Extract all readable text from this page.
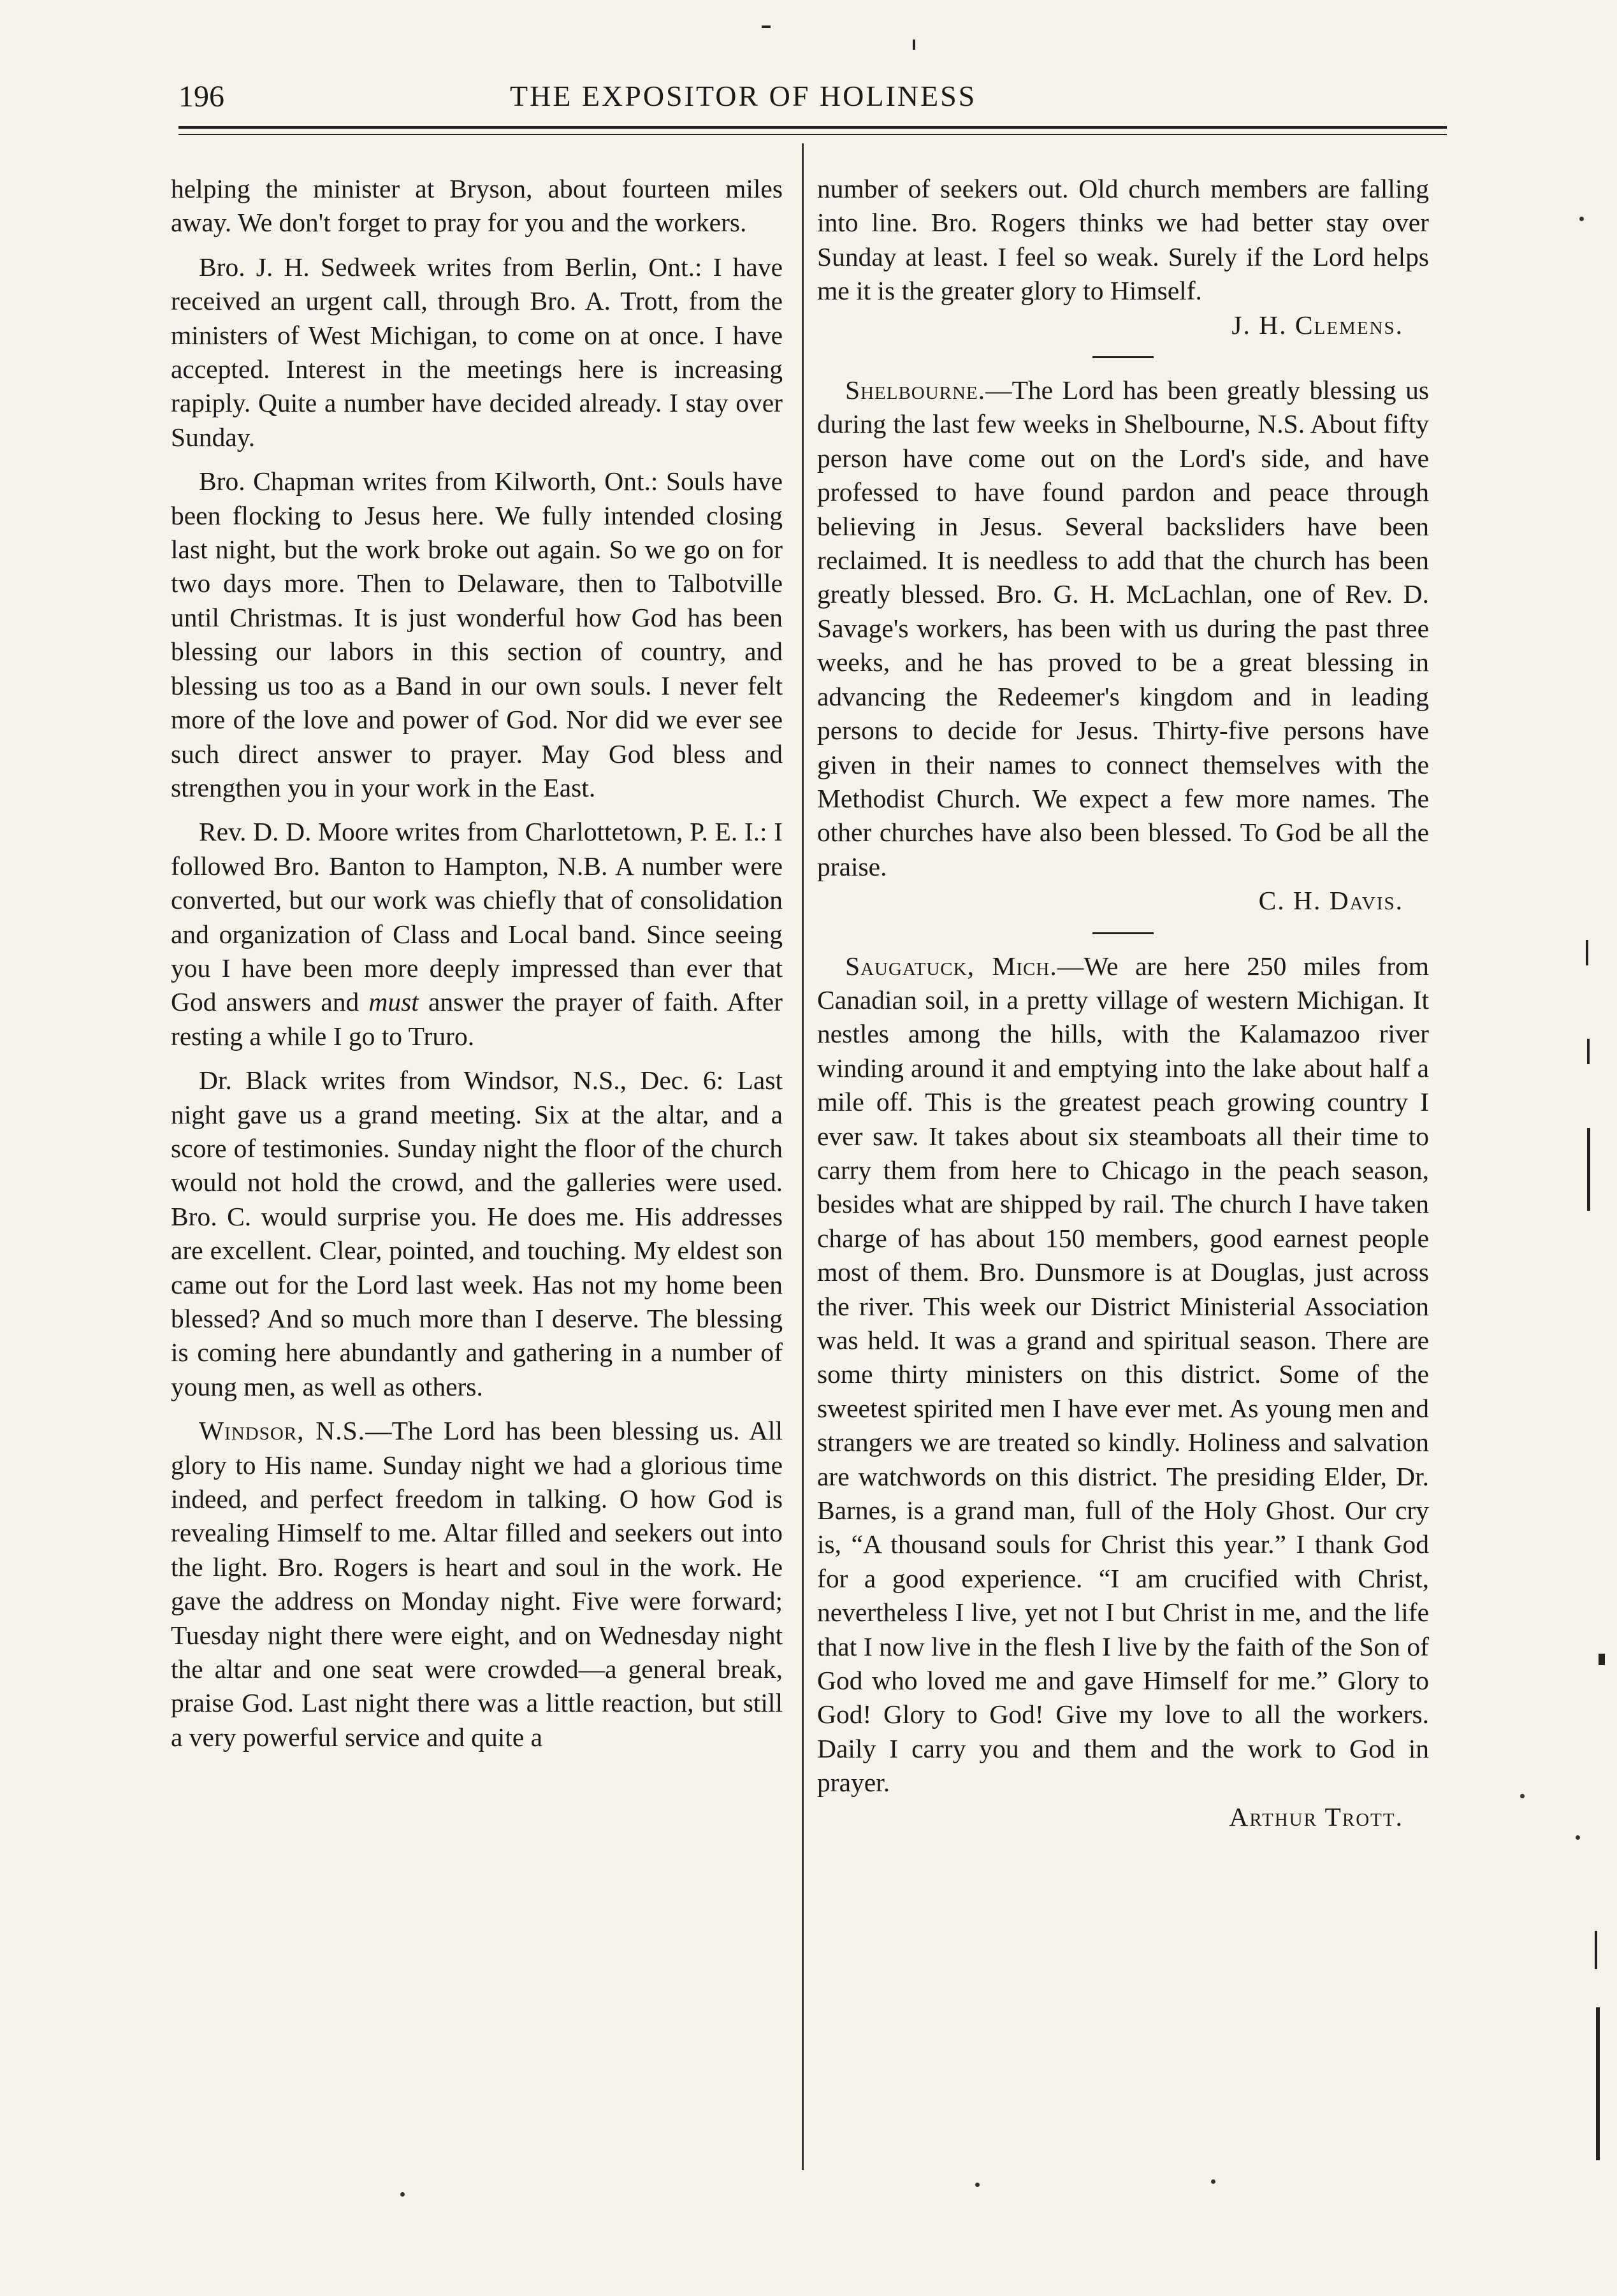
196	THE EXPOSITOR OF HOLINESS

helping the minister at Bryson, about fourteen miles away. We don't forget to pray for you and the workers.

Bro. J. H. Sedweek writes from Berlin, Ont.: I have received an urgent call, through Bro. A. Trott, from the ministers of West Michigan, to come on at once. I have accepted. Interest in the meetings here is increasing rapiply. Quite a number have decided already. I stay over Sunday.

Bro. Chapman writes from Kilworth, Ont.: Souls have been flocking to Jesus here. We fully intended closing last night, but the work broke out again. So we go on for two days more. Then to Delaware, then to Talbotville until Christmas. It is just wonderful how God has been blessing our labors in this section of country, and blessing us too as a Band in our own souls. I never felt more of the love and power of God. Nor did we ever see such direct answer to prayer. May God bless and strengthen you in your work in the East.

Rev. D. D. Moore writes from Charlottetown, P. E. I.: I followed Bro. Banton to Hampton, N.B. A number were converted, but our work was chiefly that of consolidation and organization of Class and Local band. Since seeing you I have been more deeply impressed than ever that God answers and must answer the prayer of faith. After resting a while I go to Truro.

Dr. Black writes from Windsor, N.S., Dec. 6: Last night gave us a grand meeting. Six at the altar, and a score of testimonies. Sunday night the floor of the church would not hold the crowd, and the galleries were used. Bro. C. would surprise you. He does me. His addresses are excellent. Clear, pointed, and touching. My eldest son came out for the Lord last week. Has not my home been blessed? And so much more than I deserve. The blessing is coming here abundantly and gathering in a number of young men, as well as others.

Windsor, N.S.—The Lord has been blessing us. All glory to His name. Sunday night we had a glorious time indeed, and perfect freedom in talking. O how God is revealing Himself to me. Altar filled and seekers out into the light. Bro. Rogers is heart and soul in the work. He gave the address on Monday night. Five were forward; Tuesday night there were eight, and on Wednesday night the altar and one seat were crowded—a general break, praise God. Last night there was a little reaction, but still a very powerful service and quite a

number of seekers out. Old church members are falling into line. Bro. Rogers thinks we had better stay over Sunday at least. I feel so weak. Surely if the Lord helps me it is the greater glory to Himself.

J. H. Clemens.

Shelbourne.—The Lord has been greatly blessing us during the last few weeks in Shelbourne, N.S. About fifty person have come out on the Lord's side, and have professed to have found pardon and peace through believing in Jesus. Several backsliders have been reclaimed. It is needless to add that the church has been greatly blessed. Bro. G. H. McLachlan, one of Rev. D. Savage's workers, has been with us during the past three weeks, and he has proved to be a great blessing in advancing the Redeemer's kingdom and in leading persons to decide for Jesus. Thirty-five persons have given in their names to connect themselves with the Methodist Church. We expect a few more names. The other churches have also been blessed. To God be all the praise.

C. H. Davis.

Saugatuck, Mich.—We are here 250 miles from Canadian soil, in a pretty village of western Michigan. It nestles among the hills, with the Kalamazoo river winding around it and emptying into the lake about half a mile off. This is the greatest peach growing country I ever saw. It takes about six steamboats all their time to carry them from here to Chicago in the peach season, besides what are shipped by rail. The church I have taken charge of has about 150 members, good earnest people most of them. Bro. Dunsmore is at Douglas, just across the river. This week our District Ministerial Association was held. It was a grand and spiritual season. There are some thirty ministers on this district. Some of the sweetest spirited men I have ever met. As young men and strangers we are treated so kindly. Holiness and salvation are watchwords on this district. The presiding Elder, Dr. Barnes, is a grand man, full of the Holy Ghost. Our cry is, “A thousand souls for Christ this year.” I thank God for a good experience. “I am crucified with Christ, nevertheless I live, yet not I but Christ in me, and the life that I now live in the flesh I live by the faith of the Son of God who loved me and gave Himself for me.” Glory to God! Glory to God! Give my love to all the workers. Daily I carry you and them and the work to God in prayer.

Arthur Trott.
